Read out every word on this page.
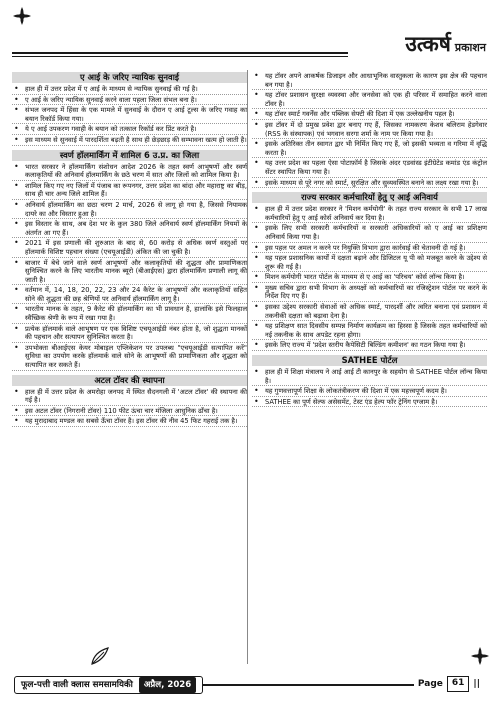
उत्कर्ष प्रकाशन
ए आई के जरिए न्यायिक सुनवाई
• हाल ही में उत्तर प्रदेश में ए आई के माध्यम से न्यायिक सुनवाई की गई है।
• ए आई के जरिए न्यायिक सुनवाई करने वाला पहला जिला संभल बना है।
• संभल जनपद में हिंसा के एक मामले में सुनवाई के दौरान ए आई टूल्स के जरिए गवाह का बयान रिकॉर्ड किया गया।
• ये ए आई उपकरण गवाही के बयान को तत्काल रिकॉर्ड कर प्रिंट करते है।
• इस माध्यम से सुनवाई में पारदर्शिता बढ़ती है साथ ही छेड़छाड़ की सम्भावना खत्म हो जाती है।
स्वर्ण हॉलमार्किंग में शामिल 6 उ.प्र. का जिला
• भारत सरकार ने हॉलमार्किंग संशोधन आदेश 2026 के तहत स्वर्ण आभूषणों और स्वर्ण कलाकृतियों की अनिवार्य हॉलमार्किंग के छठे चरण में सात और जिलों को शामिल किया है।
• शामिल किए गए नए जिलों में पंजाब का रूपनगर, उत्तर प्रदेश का बांदा और महाराष्ट्र का बीड़, साथ ही चार अन्य जिले शामिल हैं।
• अनिवार्य हॉलमार्किंग का छठा चरण 2 मार्च, 2026 से लागू हो गया है, जिससे नियामक दायरे का और विस्तार हुआ है।
• इस विस्तार के साथ, अब देश भर के कुल 380 जिले अनिवार्य स्वर्ण हॉलमार्किंग नियमों के अंतर्गत आ गए हैं।
• 2021 में इस प्रणाली की शुरुआत के बाद से, 60 करोड़ से अधिक स्वर्ण वस्तुओं पर हॉलमार्क विशिष्ट पहचान संख्या (एचयूआईडी) अंकित की जा चुकी है।
• बाजार में बेचे जाने वाले स्वर्ण आभूषणों और कलाकृतियों की शुद्धता और प्रामाणिकता सुनिश्चित करने के लिए भारतीय मानक ब्यूरो (बीआईएस) द्वारा हॉलमार्किंग प्रणाली लागू की जाती है।
• वर्तमान में, 14, 18, 20, 22, 23 और 24 कैरेट के आभूषणों और कलाकृतियों सहित सोने की शुद्धता की छह श्रेणियों पर अनिवार्य हॉलमार्किंग लागू है।
• भारतीय मानक के तहत, 9 कैरेट की हॉलमार्किंग का भी प्रावधान है, हालांकि इसे फिलहाल स्वैच्छिक श्रेणी के रूप में रखा गया है।
• प्रत्येक हॉलमार्क वाले आभूषण पर एक विशिष्ट एचयूआईडी नंबर होता है, जो शुद्धता मानकों की पहचान और सत्यापन सुनिश्चित करता है।
• उपभोक्ता बीआईएस केयर मोबाइल एप्लिकेशन पर उपलब्ध "एचयूआईडी सत्यापित करें" सुविधा का उपयोग करके हॉलमार्क वाले सोने के आभूषणों की प्रामाणिकता और शुद्धता को सत्यापित कर सकते हैं।
अटल टॉवर की स्थापना
• हाल ही में उत्तर प्रदेश के अमरोहा जनपद में स्थित सैदनगली में 'अटल टॉवर' की स्थापना की गई है।
• इस अटल टॉवर (निगरानी टॉवर) 110 फीट ऊंचा चार मंजिला आधुनिक ढाँचा है।
• यह मुरादाबाद मण्डल का सबसे ऊँचा टॉवर है। इस टॉवर की नीव 45 फिट गहराई तक है।
• यह टॉवर अपने आकर्षक डिजाइन और आधाभूनिक वास्तुकला के कारण इस क्षेत्र की पहचान बन गया है।
• यह टॉवर प्रशासन सुरक्षा व्यवस्था और जनसेवा को एक ही परिसर में समाहित करने वाला टॉवर है।
• यह टॉवर स्मार्ट गवर्नेंस और पब्लिक सेफ्टी की दिशा में एक उल्लेखनीय पहल है।
• इस टॉवर में दो प्रमुख प्रवेश द्वार बनाए गए हैं, जिसका नामकरण केशव बलिराम हेडगेवार (RSS के संस्थापक) एवं भगवान सरगा शर्मा के नाम पर किया गया है।
• इसके अतिरिक्त तीन स्वागत द्वार भी निर्मित किए गए हैं, जो इसकी भव्यता व गरिमा में वृद्धि करता है।
• यह उत्तर प्रदेश का पहला ऐसा पोटाफ़ॉर्म है जिसके अंदर एडवांस्ड इंटीग्रेटेड कमांड एंड कंट्रोल सेंटर स्थापित किया गया है।
• इसके माध्यम से पूरे नगर को स्मार्ट, सुरक्षित और सुव्यवस्थित बनाने का लक्ष्य रखा गया है।
राज्य सरकार कर्मचारियों हेतु ए आई अनिवार्य
• हाल ही में उत्तर प्रदेश सरकार ने 'मिशन कर्मयोगी' के तहत राज्य सरकार के सभी 17 लाख कर्मचारियों हेतु ए आई कोर्स अनिवार्य कर दिया है।
• इसके लिए सभी सरकारी कर्मचारियों व सरकारी अधिकारियों को ए आई का प्रशिक्षण अनिवार्य किया गया है।
• इस पहल पर अमल न करने पर नियुक्ति विभाग द्वारा कार्रवाई की चेतावनी दी गई है।
• यह पहल प्रशासनिक कार्यों में दक्षता बढ़ाने और डिजिटल यू पी को मजबूत करने के उद्देश्य से शुरू की गई है।
• मिशन कर्मयोगी भारत पोर्टल के माध्यम से ए आई का 'परिचय' कोर्स लॉन्च किया है।
• मुख्य सचिव द्वारा सभी विभाग के अध्यक्षों को कर्मचारियों का रजिस्ट्रेशन पोर्टल पर करने के निर्देश दिए गए हैं।
• इसका उद्देश्य सरकारी सेवाओं को अधिक स्मार्ट, पारदर्शी और त्वरित बनाना एवं प्रशासन में तकनीकी दक्षता को बढ़ावा देना है।
• यह प्रशिक्षण सात दिवसीय सम्पन्न निर्माण कार्यक्रम का हिस्सा है जिसके तहत कर्मचारियों को नई तकनीक के साथ अपडेट रहना होगा।
• इसके लिए राज्य में 'प्रदेश स्तरीय कैपेसिटी बिल्डिंग कमीशन' का गठन किया गया है।
SATHEE पोर्टल
• हाल ही में शिक्षा मंत्रालय ने आई आई टी कानपुर के सहयोग से SATHEE पोर्टल लॉन्च किया है।
• यह गुणवत्तापूर्ण शिक्षा के लोकतंत्रीकरण की दिशा में एक महत्त्वपूर्ण कदम है।
• SATHEE का पूर्ण सेल्फ असेसमेंट, टेस्ट एंड हेल्प फॉर ट्रेनिंग एग्जाम है।
फूल-पत्ती वाली क्लास समसामयिकी	अप्रैल, 2026	Page	61	||
